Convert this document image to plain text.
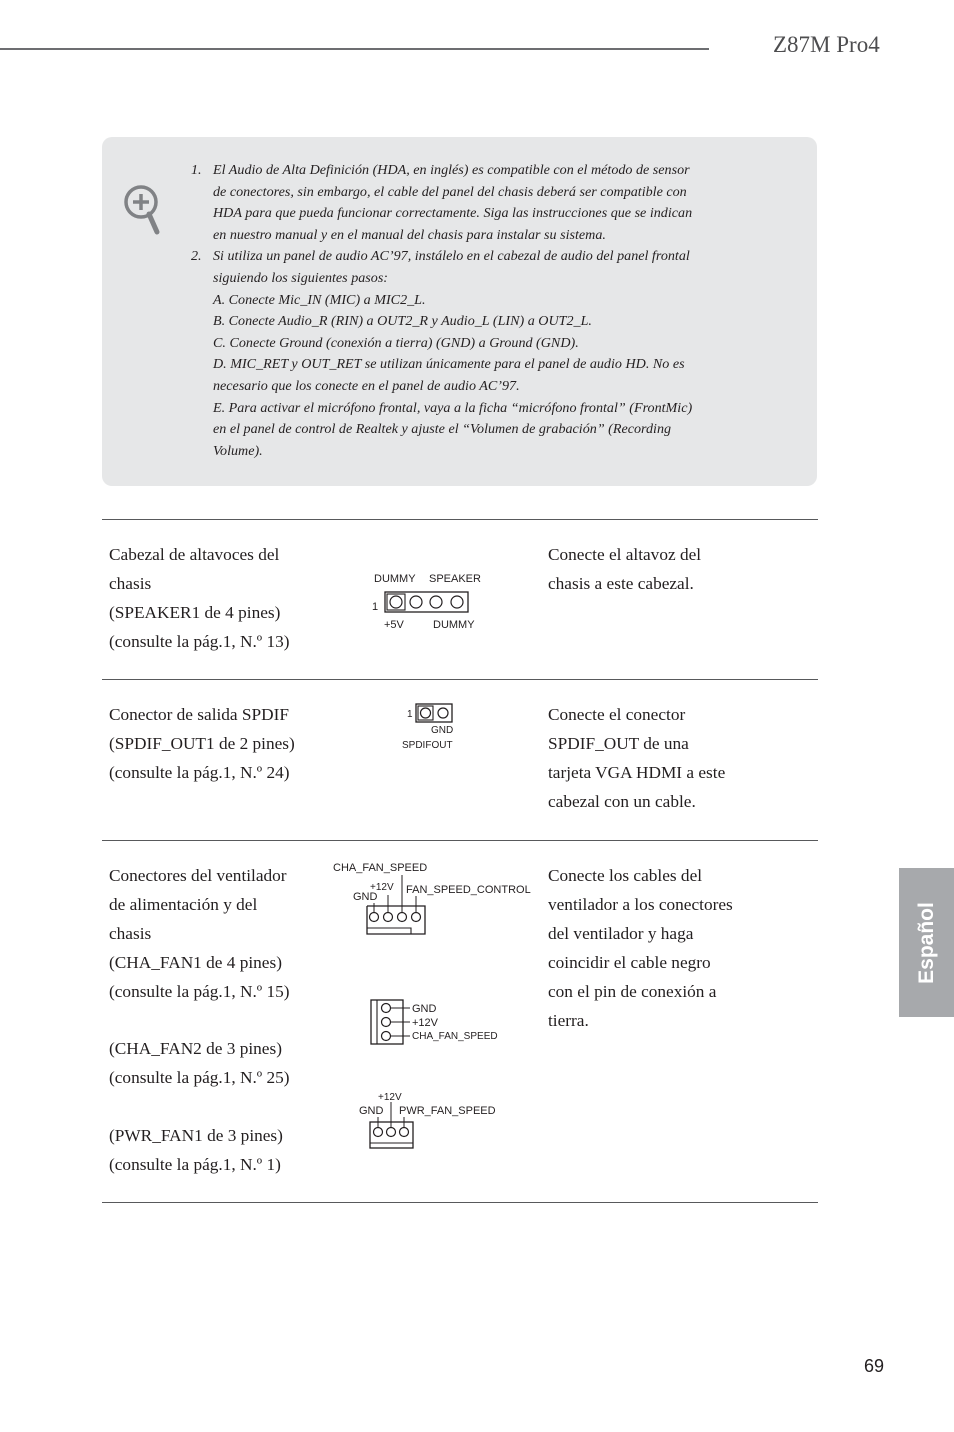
Z87M Pro4
1. El Audio de Alta Definición (HDA, en inglés) es compatible con el método de sensor
de conectores, sin embargo, el cable del panel del chasis deberá ser compatible con
HDA para que pueda funcionar correctamente. Siga las instrucciones que se indican
en nuestro manual y en el manual del chasis para instalar su sistema.
2. Si utiliza un panel de audio AC’97, instálelo en el cabezal de audio del panel frontal
siguiendo los siguientes pasos:
A. Conecte Mic_IN (MIC) a MIC2_L.
B. Conecte Audio_R (RIN) a OUT2_R y Audio_L (LIN) a OUT2_L.
C. Conecte Ground (conexión a tierra) (GND) a Ground (GND).
D. MIC_RET y OUT_RET se utilizan únicamente para el panel de audio HD. No es
necesario que los conecte en el panel de audio AC’97.
E. Para activar el micrófono frontal, vaya a la ficha “micrófono frontal” (FrontMic)
en el panel de control de Realtek y ajuste el “Volumen de grabación” (Recording
Volume).
Cabezal de altavoces del
chasis
(SPEAKER1 de 4 pines)
(consulte la pág.1, N.º 13)
DUMMY SPEAKER
1
+5V	DUMMY
Conecte el altavoz del
chasis a este cabezal.
Conector de salida SPDIF
(SPDIF_OUT1 de 2 pines)
(consulte la pág.1, N.º 24)
1
GND
SPDIFOUT
Conecte el conector
SPDIF_OUT de una
tarjeta VGA HDMI a este
cabezal con un cable.
Conectores del ventilador
de alimentación y del
chasis
(CHA_FAN1 de 4 pines)
(consulte la pág.1, N.º 15)
(CHA_FAN2 de 3 pines)
(consulte la pág.1, N.º 25)
(PWR_FAN1 de 3 pines)
(consulte la pág.1, N.º 1)
CHA_FAN_SPEED
+12V FAN_SPEED_CONTROL
GND
GND
+12V
CHA_FAN_SPEED
+12V
GND PWR_FAN_SPEED
Conecte los cables del
ventilador a los conectores
del ventilador y haga
coincidir el cable negro
con el pin de conexión a
tierra.
Español
69
